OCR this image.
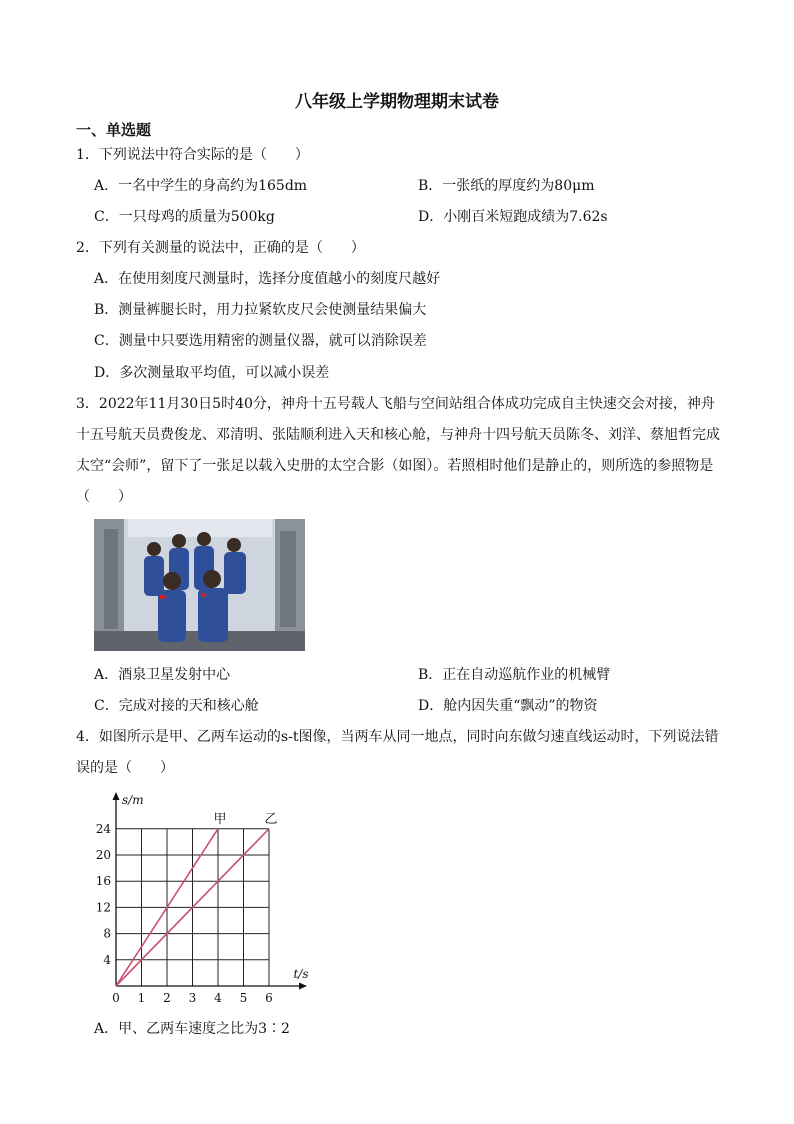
八年级上学期物理期末试卷
一、单选题
1．下列说法中符合实际的是（　　）
A．一名中学生的身高约为165dm	B．一张纸的厚度约为80μm
C．一只母鸡的质量为500kg	D．小刚百米短跑成绩为7.62s
2．下列有关测量的说法中，正确的是（　　）
A．在使用刻度尺测量时，选择分度值越小的刻度尺越好
B．测量裤腿长时，用力拉紧软皮尺会使测量结果偏大
C．测量中只要选用精密的测量仪器，就可以消除误差
D．多次测量取平均值，可以减小误差
3．2022年11月30日5时40分，神舟十五号载人飞船与空间站组合体成功完成自主快速交会对接，神舟
十五号航天员费俊龙、邓清明、张陆顺利进入天和核心舱，与神舟十四号航天员陈冬、刘洋、蔡旭哲完成
太空“会师”，留下了一张足以载入史册的太空合影（如图）。若照相时他们是静止的，则所选的参照物是
（　　）
A．酒泉卫星发射中心	B．正在自动巡航作业的机械臂
C．完成对接的天和核心舱	D．舱内因失重“飘动”的物资
4．如图所示是甲、乙两车运动的s-t图像，当两车从同一地点，同时向东做匀速直线运动时，下列说法错
误的是（　　）
甲	乙
0 1 2 3 4 5 6
4
8
12
16
20
24
t/s
s/m
A．甲、乙两车速度之比为3∶2
